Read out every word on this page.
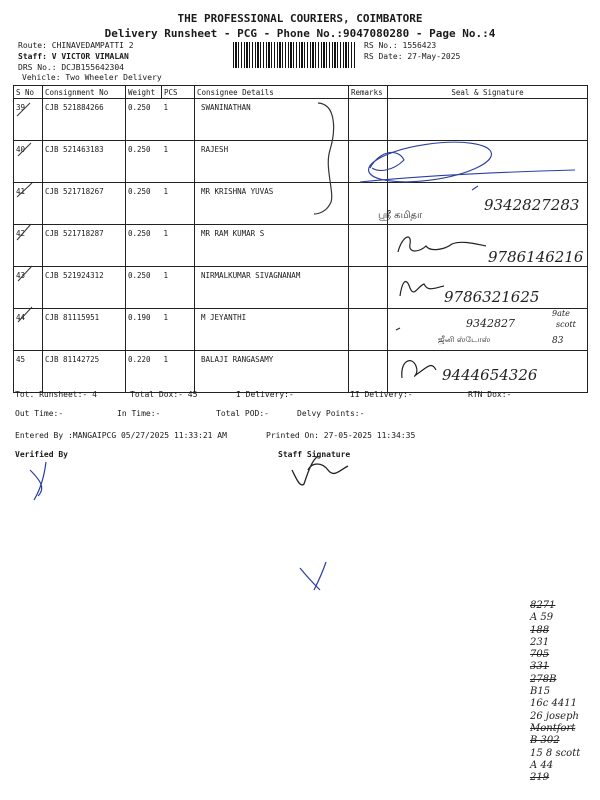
THE PROFESSIONAL COURIERS, COIMBATORE
Delivery Runsheet - PCG - Phone No.:9047080280 - Page No.:4
Route: CHINAVEDAMPATTI 2
Staff: V VICTOR VIMALAN
DRS No.: DCJB155642304
Vehicle: Two Wheeler Delivery
RS No.: 1556423
RS Date: 27-May-2025
S No	Consignment No	Weight	PCS	Consignee Details	Remarks	Seal & Signature
39	CJB 521884266	0.250	1	SWANINATHAN		
40	CJB 521463183	0.250	1	RAJESH		
41	CJB 521718267	0.250	1	MR KRISHNA YUVAS		
42	CJB 521718287	0.250	1	MR RAM KUMAR S		
43	CJB 521924312	0.250	1	NIRMALKUMAR SIVAGNANAM		
44	CJB 81115951	0.190	1	M JEYANTHI		
45	CJB 81142725	0.220	1	BALAJI RANGASAMY		
Tot. Runsheet:- 4	Total Dox:- 45	I Delivery:-	II Delivery:-	RTN Dox:-
Out Time:-	In Time:-	Total POD:-	Delvy Points:-
Entered By :MANGAIPCG 05/27/2025 11:33:21 AM	Printed On: 27-05-2025 11:34:35
Verified By	Staff Signature
ஸ்ரீ கமிதா
9342827283
9786146216
9786321625
9342827
9ate
scott
ஜீனி ஸ்டோஸ்	83
9444654326
8271
A 59
188
231
705
331
278B
B15
16c 4411
26 joseph
Montfort
B 302
15 8 scott
A 44
219
